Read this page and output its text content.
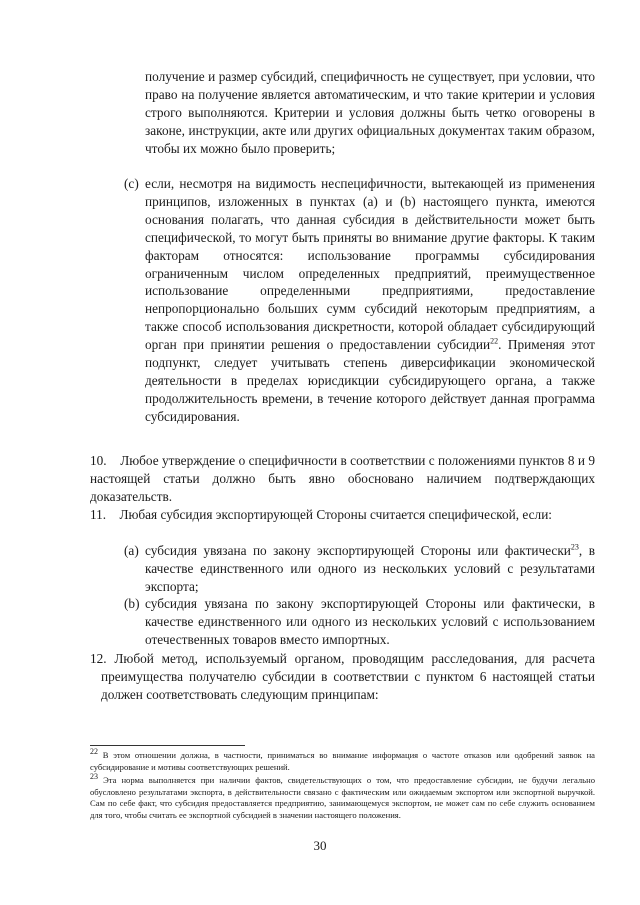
получение и размер субсидий, специфичность не существует, при условии, что право на получение является автоматическим, и что такие критерии и условия строго выполняются. Критерии и условия должны быть четко оговорены в законе, инструкции, акте или других официальных документах таким образом, чтобы их можно было проверить;

(c) если, несмотря на видимость неспецифичности, вытекающей из применения принципов, изложенных в пунктах (a) и (b) настоящего пункта, имеются основания полагать, что данная субсидия в действительности может быть специфической, то могут быть приняты во внимание другие факторы. К таким факторам относятся: использование программы субсидирования ограниченным числом определенных предприятий, преимущественное использование определенными предприятиями, предоставление непропорционально больших сумм субсидий некоторым предприятиям, а также способ использования дискретности, которой обладает субсидирующий орган при принятии решения о предоставлении субсидии$^{22}$. Применяя этот подпункт, следует учитывать степень диверсификации экономической деятельности в пределах юрисдикции субсидирующего органа, а также продолжительность времени, в течение которого действует данная программа субсидирования.

10. Любое утверждение о специфичности в соответствии с положениями пунктов 8 и 9 настоящей статьи должно быть явно обосновано наличием подтверждающих доказательств.

11. Любая субсидия экспортирующей Стороны считается специфической, если:

(a) субсидия увязана по закону экспортирующей Стороны или фактически$^{23}$, в качестве единственного или одного из нескольких условий с результатами экспорта;
(b) субсидия увязана по закону экспортирующей Стороны или фактически, в качестве единственного или одного из нескольких условий с использованием отечественных товаров вместо импортных.
12. Любой метод, используемый органом, проводящим расследования, для расчета преимущества получателю субсидии в соответствии с пунктом 6 настоящей статьи должен соответствовать следующим принципам:

$^{22}$ В этом отношении должна, в частности, приниматься во внимание информация о частоте отказов или одобрений заявок на субсидирование и мотивы соответствующих решений.

$^{23}$ Эта норма выполняется при наличии фактов, свидетельствующих о том, что предоставление субсидии, не будучи легально обусловлено результатами экспорта, в действительности связано с фактическим или ожидаемым экспортом или экспортной выручкой. Сам по себе факт, что субсидия предоставляется предприятию, занимающемуся экспортом, не может сам по себе служить основанием для того, чтобы считать ее экспортной субсидией в значении настоящего положения.

30
